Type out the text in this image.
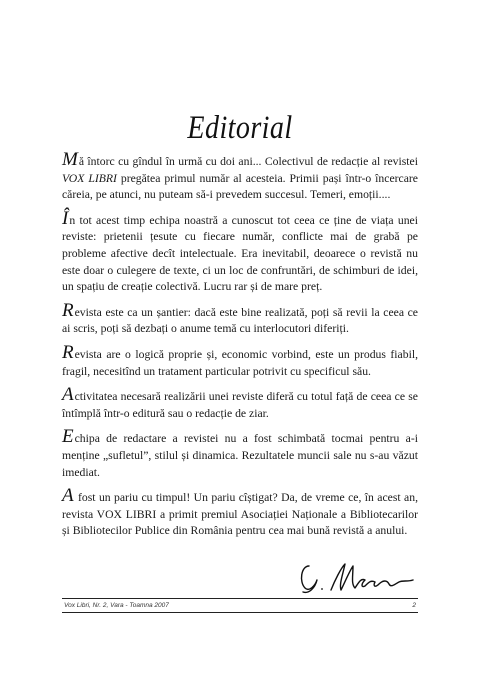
Editorial

Mă întorc cu gîndul în urmă cu doi ani... Colectivul de redacție al revistei VOX LIBRI pregătea primul număr al acesteia. Primii pași într-o încercare căreia, pe atunci, nu puteam să-i prevedem succesul. Temeri, emoții....

În tot acest timp echipa noastră a cunoscut tot ceea ce ține de viața unei reviste: prietenii țesute cu fiecare număr, conflicte mai de grabă pe probleme afective decît intelectuale. Era inevitabil, deoarece o revistă nu este doar o culegere de texte, ci un loc de confruntări, de schimburi de idei, un spațiu de creație colectivă. Lucru rar și de mare preț.

Revista este ca un șantier: dacă este bine realizată, poți să revii la ceea ce ai scris, poți să dezbați o anume temă cu interlocutori diferiți.

Revista are o logică proprie și, economic vorbind, este un produs fiabil, fragil, necesitînd un tratament particular potrivit cu specificul său.

Activitatea necesară realizării unei reviste diferă cu totul față de ceea ce se întîmplă într-o editură sau o redacție de ziar.

Echipa de redactare a revistei nu a fost schimbată tocmai pentru a-i menține „sufletul”, stilul și dinamica. Rezultatele muncii sale nu s-au văzut imediat.

A fost un pariu cu timpul! Un pariu cîștigat? Da, de vreme ce, în acest an, revista VOX LIBRI a primit premiul Asociației Naționale a Bibliotecarilor și Bibliotecilor Publice din România pentru cea mai bună revistă a anului.

Vox Libri, Nr. 2, Vara - Toamna 2007	2
